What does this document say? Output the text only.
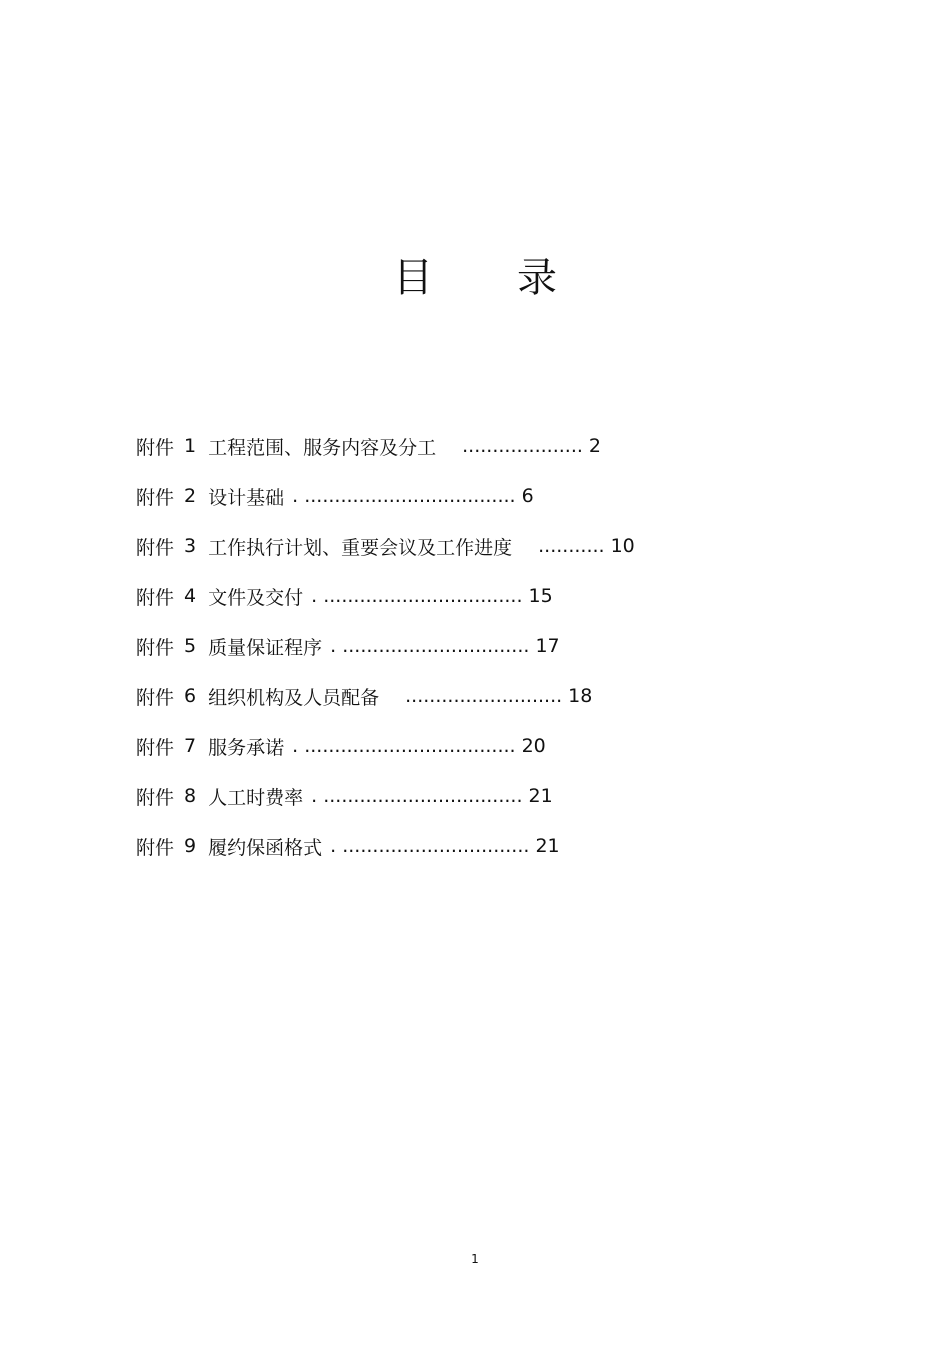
目 录
附件 1 工程范围、服务内容及分工 .................... 2
附件 2 设计基础 . ................................... 6
附件 3 工作执行计划、重要会议及工作进度 ........... 10
附件 4 文件及交付 . ................................. 15
附件 5 质量保证程序 . ............................... 17
附件 6 组织机构及人员配备 .......................... 18
附件 7 服务承诺 . ................................... 20
附件 8 人工时费率 . ................................. 21
附件 9 履约保函格式 . ............................... 21
1
